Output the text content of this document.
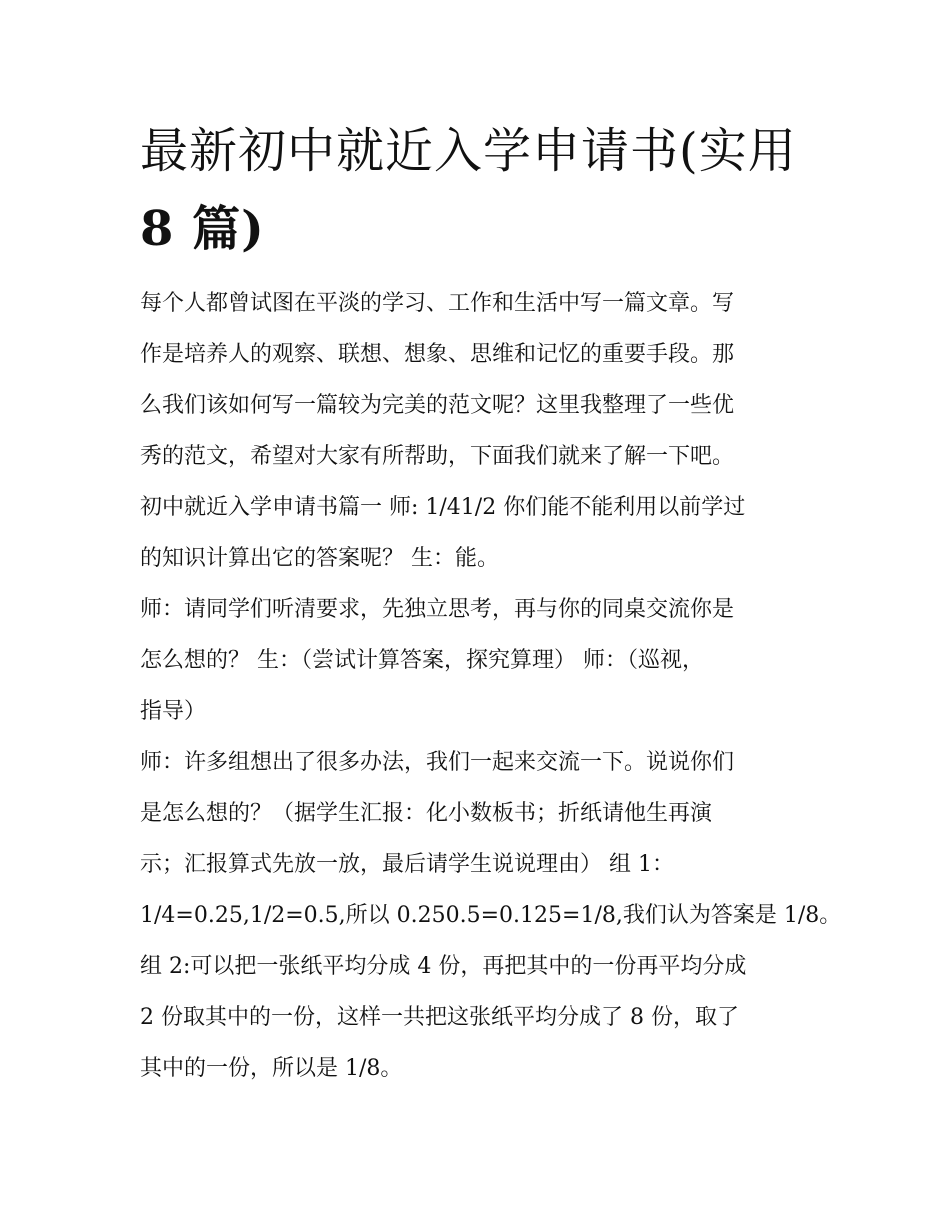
最新初中就近入学申请书(实用
8 篇)
每个人都曾试图在平淡的学习、工作和生活中写一篇文章。写
作是培养人的观察、联想、想象、思维和记忆的重要手段。那
么我们该如何写一篇较为完美的范文呢？这里我整理了一些优
秀的范文，希望对大家有所帮助，下面我们就来了解一下吧。
初中就近入学申请书篇一 师: 1/41/2 你们能不能利用以前学过
的知识计算出它的答案呢？ 生：能。
师：请同学们听清要求，先独立思考，再与你的同桌交流你是
怎么想的？ 生：（尝试计算答案，探究算理） 师：（巡视，
指导）
师：许多组想出了很多办法，我们一起来交流一下。说说你们
是怎么想的？（据学生汇报：化小数板书；折纸请他生再演
示；汇报算式先放一放，最后请学生说说理由） 组 1：
1/4=0.25,1/2=0.5,所以 0.250.5=0.125=1/8,我们认为答案是 1/8。
组 2:可以把一张纸平均分成 4 份，再把其中的一份再平均分成
2 份取其中的一份，这样一共把这张纸平均分成了 8 份，取了
其中的一份，所以是 1/8。
